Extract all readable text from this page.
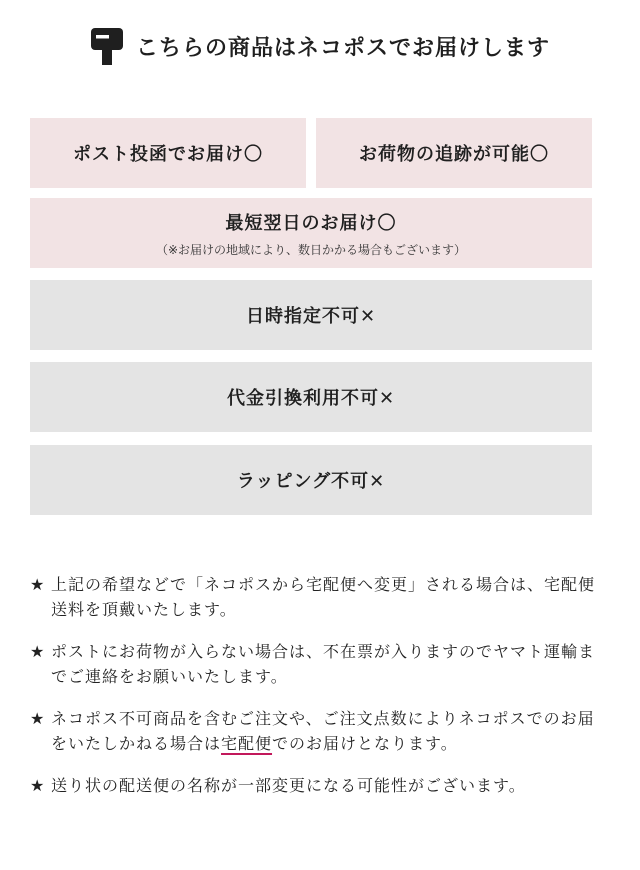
こちらの商品はネコポスでお届けします
ポスト投函でお届け〇	お荷物の追跡が可能〇
最短翌日のお届け〇
（※お届けの地域により、数日かかる場合もございます）
日時指定不可✕
代金引換利用不可✕
ラッピング不可✕
★ 上記の希望などで「ネコポスから宅配便へ変更」される場合は、宅配便送料を頂戴いたします。
★ ポストにお荷物が入らない場合は、不在票が入りますのでヤマト運輸までご連絡をお願いいたします。
★ ネコポス不可商品を含むご注文や、ご注文点数によりネコポスでのお届をいたしかねる場合は宅配便でのお届けとなります。
★ 送り状の配送便の名称が一部変更になる可能性がございます。
